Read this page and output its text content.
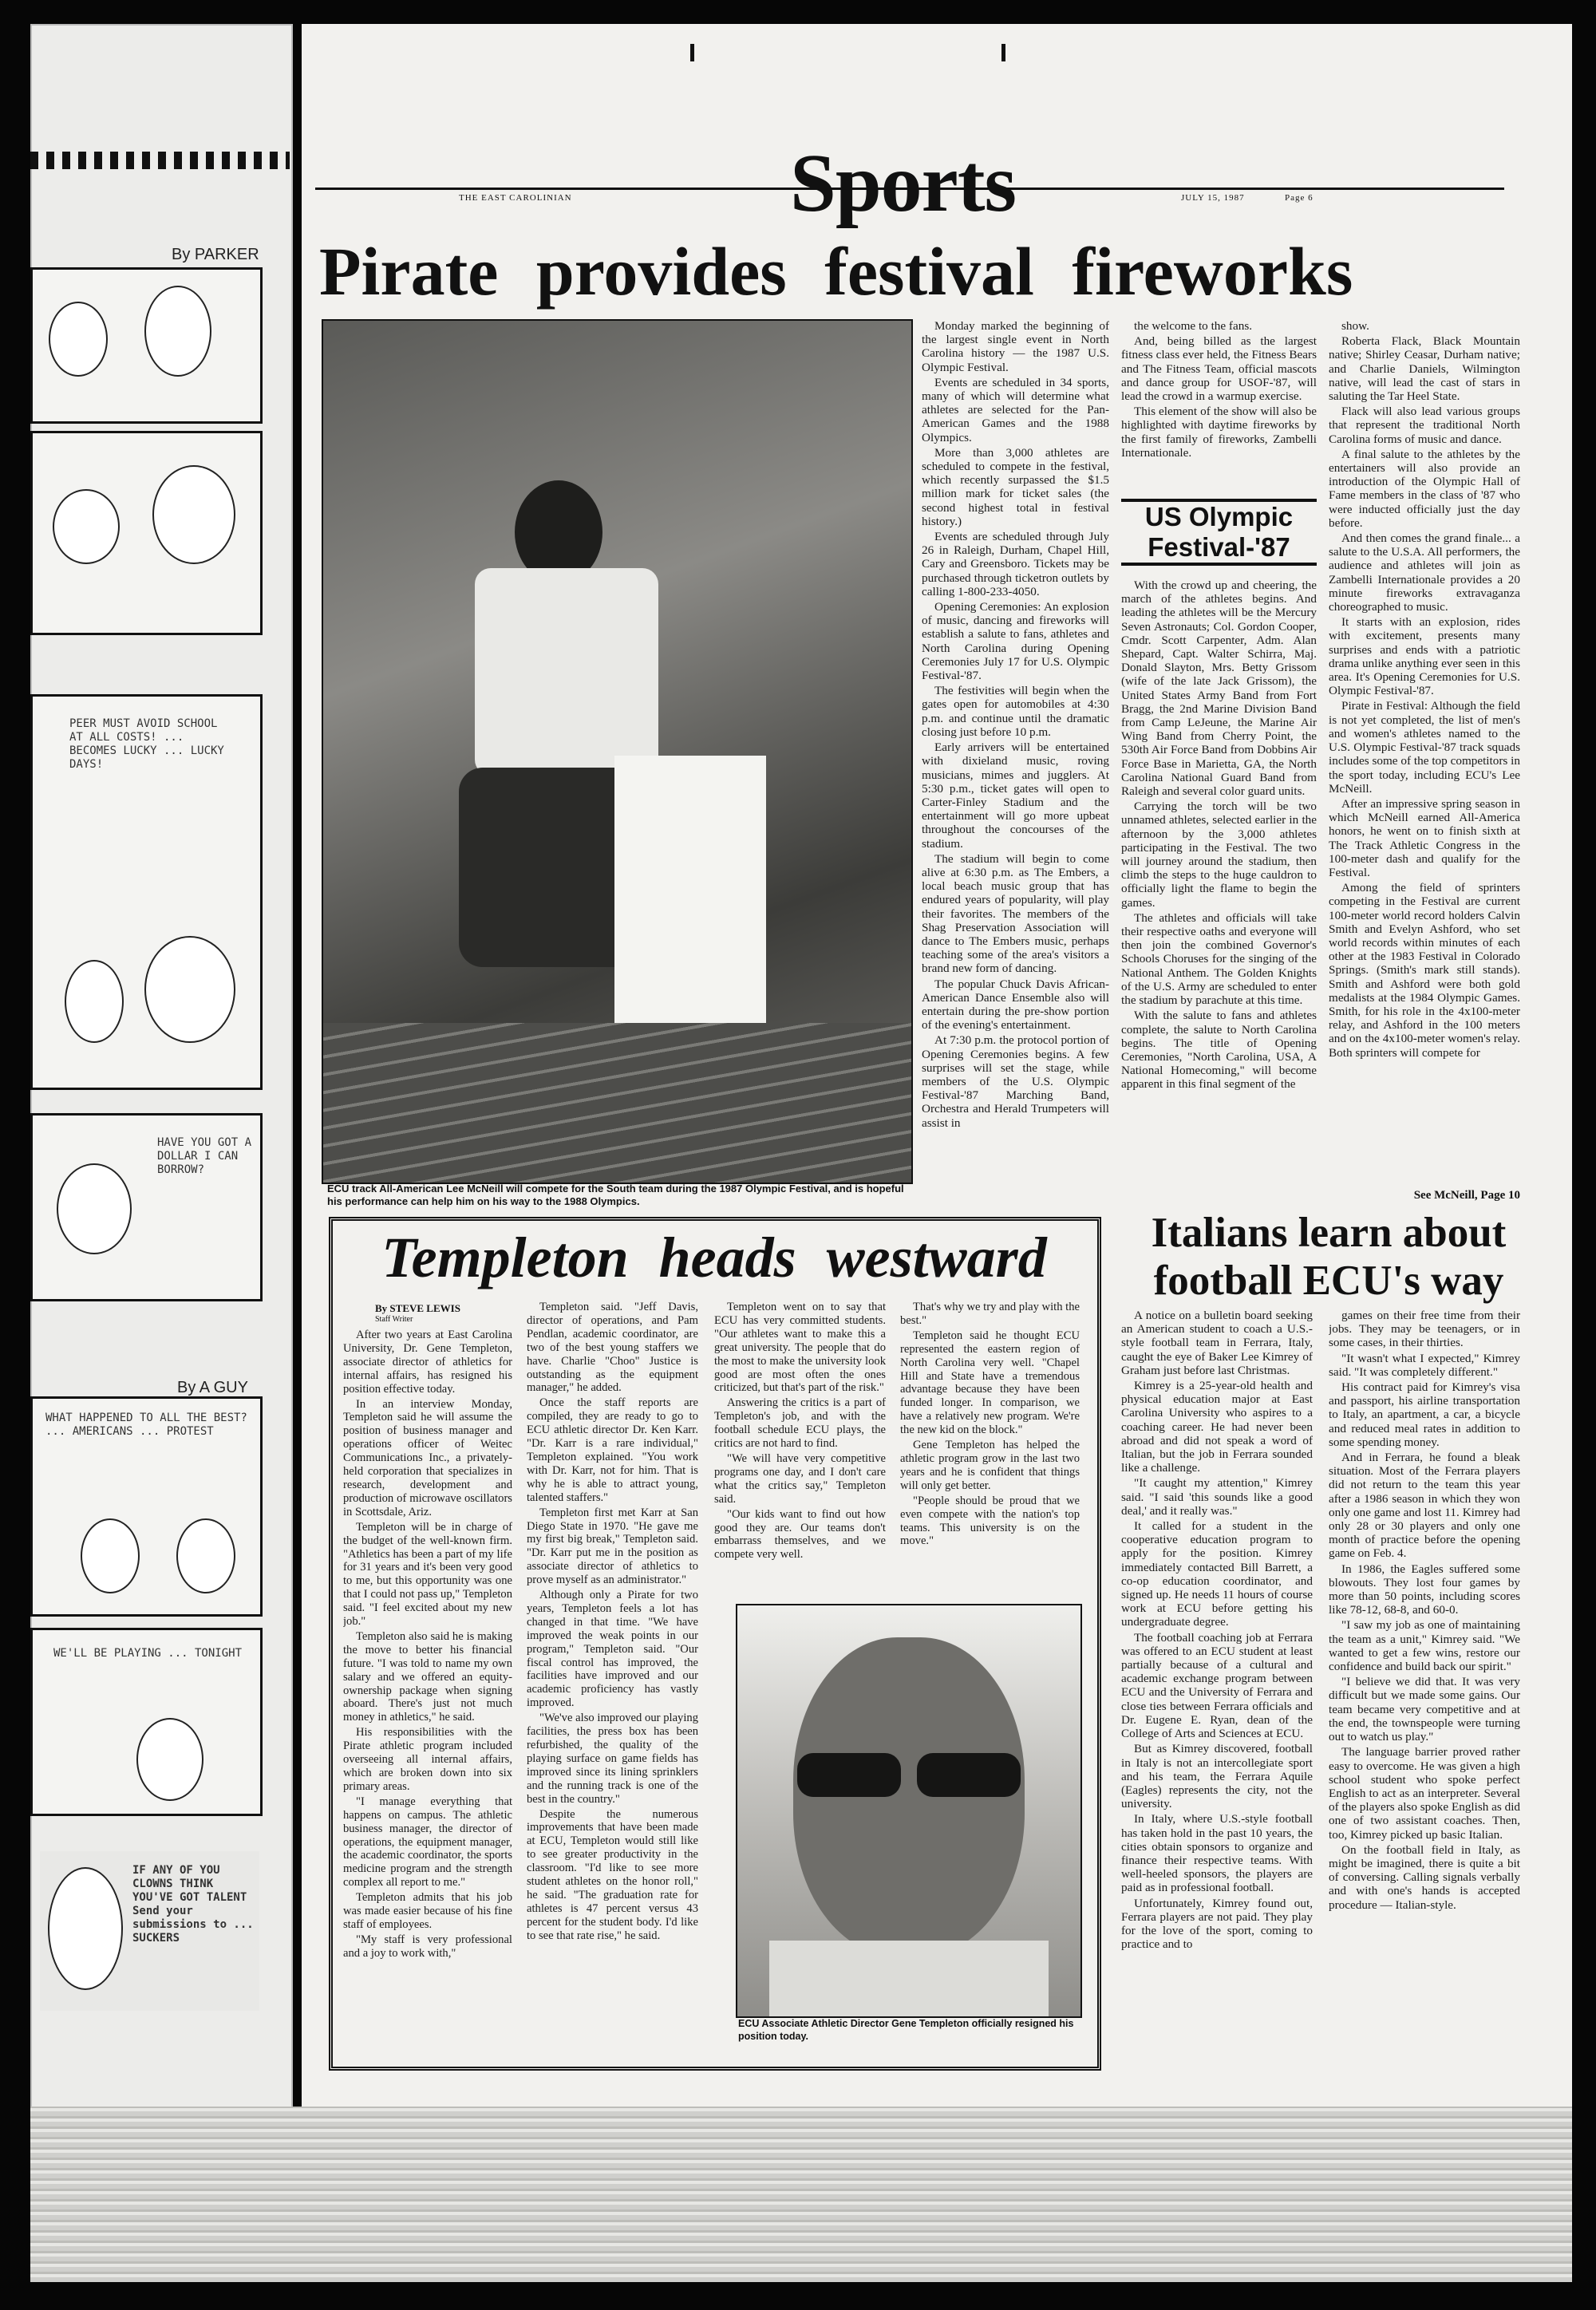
By PARKER
PEER MUST AVOID SCHOOL AT ALL COSTS! ... BECOMES LUCKY ... LUCKY DAYS!
HAVE YOU GOT A DOLLAR I CAN BORROW?
By A GUY
WHAT HAPPENED TO ALL THE BEST? ... AMERICANS ... PROTEST
WE'LL BE PLAYING ... TONIGHT
IF ANY OF YOU CLOWNS THINK YOU'VE GOT TALENT Send your submissions to ... SUCKERS
Sports
THE EAST CAROLINIAN	JULY 15, 1987	Page 6
Pirate provides festival fireworks
ECU track All-American Lee McNeill will compete for the South team during the 1987 Olympic Festival, and is hopeful his performance can help him on his way to the 1988 Olympics.

Monday marked the beginning of the largest single event in North Carolina history — the 1987 U.S. Olympic Festival.

Events are scheduled in 34 sports, many of which will determine what athletes are selected for the Pan-American Games and the 1988 Olympics.

More than 3,000 athletes are scheduled to compete in the festival, which recently surpassed the $1.5 million mark for ticket sales (the second highest total in festival history.)

Events are scheduled through July 26 in Raleigh, Durham, Chapel Hill, Cary and Greensboro. Tickets may be purchased through ticketron outlets by calling 1-800-233-4050.

Opening Ceremonies: An explosion of music, dancing and fireworks will establish a salute to fans, athletes and North Carolina during Opening Ceremonies July 17 for U.S. Olympic Festival-'87.

The festivities will begin when the gates open for automobiles at 4:30 p.m. and continue until the dramatic closing just before 10 p.m.

Early arrivers will be entertained with dixieland music, roving musicians, mimes and jugglers. At 5:30 p.m., ticket gates will open to Carter-Finley Stadium and the entertainment will go more upbeat throughout the concourses of the stadium.

The stadium will begin to come alive at 6:30 p.m. as The Embers, a local beach music group that has endured years of popularity, will play their favorites. The members of the Shag Preservation Association will dance to The Embers music, perhaps teaching some of the area's visitors a brand new form of dancing.

The popular Chuck Davis African-American Dance Ensemble also will entertain during the pre-show portion of the evening's entertainment.

At 7:30 p.m. the protocol portion of Opening Ceremonies begins. A few surprises will set the stage, while members of the U.S. Olympic Festival-'87 Marching Band, Orchestra and Herald Trumpeters will assist in

the welcome to the fans.

And, being billed as the largest fitness class ever held, the Fitness Bears and The Fitness Team, official mascots and dance group for USOF-'87, will lead the crowd in a warmup exercise.

This element of the show will also be highlighted with daytime fireworks by the first family of fireworks, Zambelli Internationale.

US Olympic Festival-'87

With the crowd up and cheering, the march of the athletes begins. And leading the athletes will be the Mercury Seven Astronauts; Col. Gordon Cooper, Cmdr. Scott Carpenter, Adm. Alan Shepard, Capt. Walter Schirra, Maj. Donald Slayton, Mrs. Betty Grissom (wife of the late Jack Grissom), the United States Army Band from Fort Bragg, the 2nd Marine Division Band from Camp LeJeune, the Marine Air Wing Band from Cherry Point, the 530th Air Force Band from Dobbins Air Force Base in Marietta, GA, the North Carolina National Guard Band from Raleigh and several color guard units.

Carrying the torch will be two unnamed athletes, selected earlier in the afternoon by the 3,000 athletes participating in the Festival. The two will journey around the stadium, then climb the steps to the huge cauldron to officially light the flame to begin the games.

The athletes and officials will take their respective oaths and everyone will then join the combined Governor's Schools Choruses for the singing of the National Anthem. The Golden Knights of the U.S. Army are scheduled to enter the stadium by parachute at this time.

With the salute to fans and athletes complete, the salute to North Carolina begins. The title of Opening Ceremonies, "North Carolina, USA, A National Homecoming," will become apparent in this final segment of the

show.

Roberta Flack, Black Mountain native; Shirley Ceasar, Durham native; and Charlie Daniels, Wilmington native, will lead the cast of stars in saluting the Tar Heel State.

Flack will also lead various groups that represent the traditional North Carolina forms of music and dance.

A final salute to the athletes by the entertainers will also provide an introduction of the Olympic Hall of Fame members in the class of '87 who were inducted officially just the day before.

And then comes the grand finale... a salute to the U.S.A. All performers, the audience and athletes will join as Zambelli Internationale provides a 20 minute fireworks extravaganza choreographed to music.

It starts with an explosion, rides with excitement, presents many surprises and ends with a patriotic drama unlike anything ever seen in this area. It's Opening Ceremonies for U.S. Olympic Festival-'87.

Pirate in Festival: Although the field is not yet completed, the list of men's and women's athletes named to the U.S. Olympic Festival-'87 track squads includes some of the top competitors in the sport today, including ECU's Lee McNeill.

After an impressive spring season in which McNeill earned All-America honors, he went on to finish sixth at The Track Athletic Congress in the 100-meter dash and qualify for the Festival.

Among the field of sprinters competing in the Festival are current 100-meter world record holders Calvin Smith and Evelyn Ashford, who set world records within minutes of each other at the 1983 Festival in Colorado Springs. (Smith's mark still stands). Smith and Ashford were both gold medalists at the 1984 Olympic Games. Smith, for his role in the 4x100-meter relay, and Ashford in the 100 meters and on the 4x100-meter women's relay. Both sprinters will compete for

See McNeill, Page 10
Templeton heads westward
By STEVE LEWIS
Staff Writer

After two years at East Carolina University, Dr. Gene Templeton, associate director of athletics for internal affairs, has resigned his position effective today.

In an interview Monday, Templeton said he will assume the position of business manager and operations officer of Weitec Communications Inc., a privately-held corporation that specializes in research, development and production of microwave oscillators in Scottsdale, Ariz.

Templeton will be in charge of the budget of the well-known firm. "Athletics has been a part of my life for 31 years and it's been very good to me, but this opportunity was one that I could not pass up," Templeton said. "I feel excited about my new job."

Templeton also said he is making the move to better his financial future. "I was told to name my own salary and we offered an equity-ownership package when signing aboard. There's just not much money in athletics," he said.

His responsibilities with the Pirate athletic program included overseeing all internal affairs, which are broken down into six primary areas.

"I manage everything that happens on campus. The athletic business manager, the director of operations, the equipment manager, the academic coordinator, the sports medicine program and the strength complex all report to me."

Templeton admits that his job was made easier because of his fine staff of employees.

"My staff is very professional and a joy to work with,"

Templeton said. "Jeff Davis, director of operations, and Pam Pendlan, academic coordinator, are two of the best young staffers we have. Charlie "Choo" Justice is outstanding as the equipment manager," he added.

Once the staff reports are compiled, they are ready to go to ECU athletic director Dr. Ken Karr. "Dr. Karr is a rare individual," Templeton explained. "You work with Dr. Karr, not for him. That is why he is able to attract young, talented staffers."

Templeton first met Karr at San Diego State in 1970. "He gave me my first big break," Templeton said. "Dr. Karr put me in the position as associate director of athletics to prove myself as an administrator."

Although only a Pirate for two years, Templeton feels a lot has changed in that time. "We have improved the weak points in our program," Templeton said. "Our fiscal control has improved, the facilities have improved and our academic proficiency has vastly improved.

"We've also improved our playing facilities, the press box has been refurbished, the quality of the playing surface on game fields has improved since its lining sprinklers and the running track is one of the best in the country."

Despite the numerous improvements that have been made at ECU, Templeton would still like to see greater productivity in the classroom. "I'd like to see more student athletes on the honor roll," he said. "The graduation rate for athletes is 47 percent versus 43 percent for the student body. I'd like to see that rate rise," he said.

Templeton went on to say that ECU has very committed students. "Our athletes want to make this a great university. The people that do the most to make the university look good are most often the ones criticized, but that's part of the risk."

Answering the critics is a part of Templeton's job, and with the football schedule ECU plays, the critics are not hard to find.

"We will have very competitive programs one day, and I don't care what the critics say," Templeton said.

"Our kids want to find out how good they are. Our teams don't embarrass themselves, and we compete very well.

That's why we try and play with the best."

Templeton said he thought ECU represented the eastern region of North Carolina very well. "Chapel Hill and State have a tremendous advantage because they have been funded longer. In comparison, we have a relatively new program. We're the new kid on the block."

Gene Templeton has helped the athletic program grow in the last two years and he is confident that things will only get better.

"People should be proud that we even compete with the nation's top teams. This university is on the move."

ECU Associate Athletic Director Gene Templeton officially resigned his position today.
Italians learn about football ECU's way

A notice on a bulletin board seeking an American student to coach a U.S.-style football team in Ferrara, Italy, caught the eye of Baker Lee Kimrey of Graham just before last Christmas.

Kimrey is a 25-year-old health and physical education major at East Carolina University who aspires to a coaching career. He had never been abroad and did not speak a word of Italian, but the job in Ferrara sounded like a challenge.

"It caught my attention," Kimrey said. "I said 'this sounds like a good deal,' and it really was."

It called for a student in the cooperative education program to apply for the position. Kimrey immediately contacted Bill Barrett, a co-op education coordinator, and signed up. He needs 11 hours of course work at ECU before getting his undergraduate degree.

The football coaching job at Ferrara was offered to an ECU student at least partially because of a cultural and academic exchange program between ECU and the University of Ferrara and close ties between Ferrara officials and Dr. Eugene E. Ryan, dean of the College of Arts and Sciences at ECU.

But as Kimrey discovered, football in Italy is not an intercollegiate sport and his team, the Ferrara Aquile (Eagles) represents the city, not the university.

In Italy, where U.S.-style football has taken hold in the past 10 years, the cities obtain sponsors to organize and finance their respective teams. With well-heeled sponsors, the players are paid as in professional football.

Unfortunately, Kimrey found out, Ferrara players are not paid. They play for the love of the sport, coming to practice and to

games on their free time from their jobs. They may be teenagers, or in some cases, in their thirties.

"It wasn't what I expected," Kimrey said. "It was completely different."

His contract paid for Kimrey's visa and passport, his airline transportation to Italy, an apartment, a car, a bicycle and reduced meal rates in addition to some spending money.

And in Ferrara, he found a bleak situation. Most of the Ferrara players did not return to the team this year after a 1986 season in which they won only one game and lost 11. Kimrey had only 28 or 30 players and only one month of practice before the opening game on Feb. 4.

In 1986, the Eagles suffered some blowouts. They lost four games by more than 50 points, including scores like 78-12, 68-8, and 60-0.

"I saw my job as one of maintaining the team as a unit," Kimrey said. "We wanted to get a few wins, restore our confidence and build back our spirit."

"I believe we did that. It was very difficult but we made some gains. Our team became very competitive and at the end, the townspeople were turning out to watch us play."

The language barrier proved rather easy to overcome. He was given a high school student who spoke perfect English to act as an interpreter. Several of the players also spoke English as did one of two assistant coaches. Then, too, Kimrey picked up basic Italian.

On the football field in Italy, as might be imagined, there is quite a bit of conversing. Calling signals verbally and with one's hands is accepted procedure — Italian-style.
